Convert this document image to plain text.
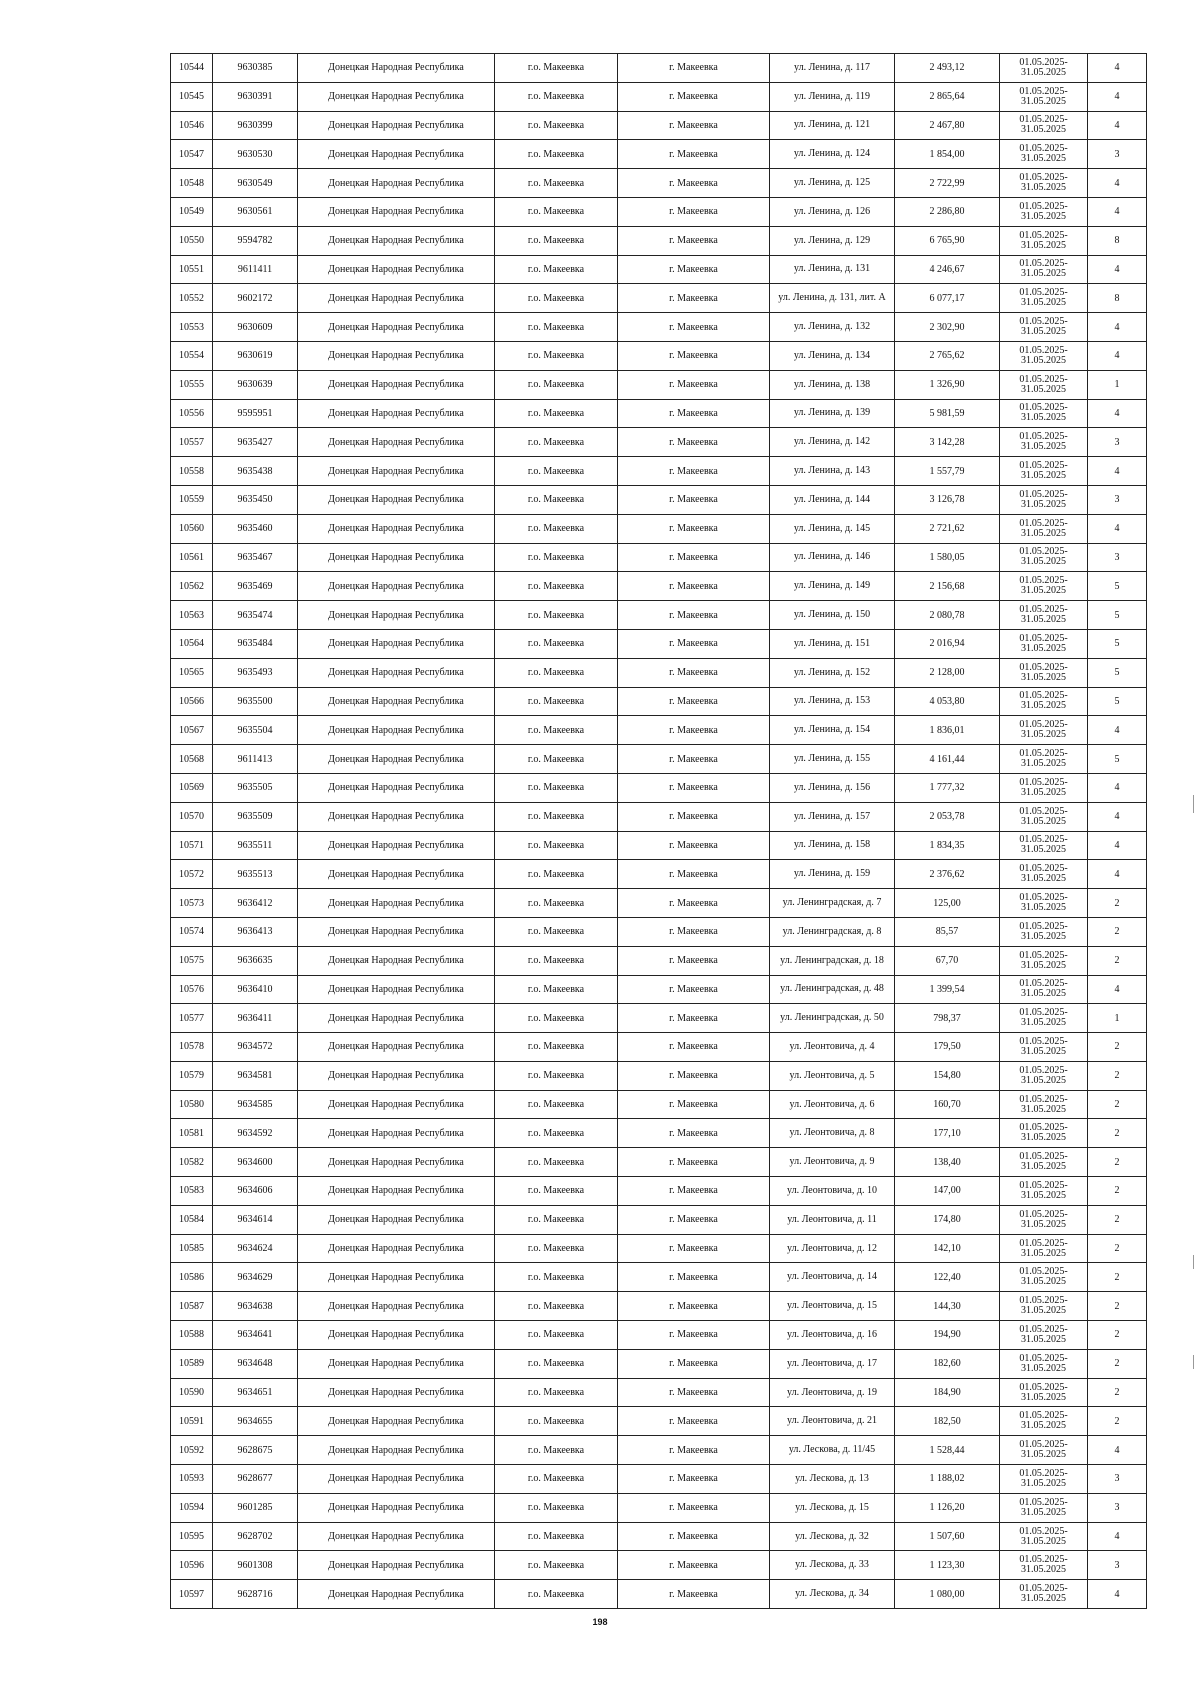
10544	9630385	Донецкая Народная Республика	г.о. Макеевка	г. Макеевка	ул. Ленина, д. 117	2 493,12	01.05.2025- 31.05.2025	4
10545	9630391	Донецкая Народная Республика	г.о. Макеевка	г. Макеевка	ул. Ленина, д. 119	2 865,64	01.05.2025- 31.05.2025	4
10546	9630399	Донецкая Народная Республика	г.о. Макеевка	г. Макеевка	ул. Ленина, д. 121	2 467,80	01.05.2025- 31.05.2025	4
10547	9630530	Донецкая Народная Республика	г.о. Макеевка	г. Макеевка	ул. Ленина, д. 124	1 854,00	01.05.2025- 31.05.2025	3
10548	9630549	Донецкая Народная Республика	г.о. Макеевка	г. Макеевка	ул. Ленина, д. 125	2 722,99	01.05.2025- 31.05.2025	4
10549	9630561	Донецкая Народная Республика	г.о. Макеевка	г. Макеевка	ул. Ленина, д. 126	2 286,80	01.05.2025- 31.05.2025	4
10550	9594782	Донецкая Народная Республика	г.о. Макеевка	г. Макеевка	ул. Ленина, д. 129	6 765,90	01.05.2025- 31.05.2025	8
10551	9611411	Донецкая Народная Республика	г.о. Макеевка	г. Макеевка	ул. Ленина, д. 131	4 246,67	01.05.2025- 31.05.2025	4
10552	9602172	Донецкая Народная Республика	г.о. Макеевка	г. Макеевка	ул. Ленина, д. 131, лит. А	6 077,17	01.05.2025- 31.05.2025	8
10553	9630609	Донецкая Народная Республика	г.о. Макеевка	г. Макеевка	ул. Ленина, д. 132	2 302,90	01.05.2025- 31.05.2025	4
10554	9630619	Донецкая Народная Республика	г.о. Макеевка	г. Макеевка	ул. Ленина, д. 134	2 765,62	01.05.2025- 31.05.2025	4
10555	9630639	Донецкая Народная Республика	г.о. Макеевка	г. Макеевка	ул. Ленина, д. 138	1 326,90	01.05.2025- 31.05.2025	1
10556	9595951	Донецкая Народная Республика	г.о. Макеевка	г. Макеевка	ул. Ленина, д. 139	5 981,59	01.05.2025- 31.05.2025	4
10557	9635427	Донецкая Народная Республика	г.о. Макеевка	г. Макеевка	ул. Ленина, д. 142	3 142,28	01.05.2025- 31.05.2025	3
10558	9635438	Донецкая Народная Республика	г.о. Макеевка	г. Макеевка	ул. Ленина, д. 143	1 557,79	01.05.2025- 31.05.2025	4
10559	9635450	Донецкая Народная Республика	г.о. Макеевка	г. Макеевка	ул. Ленина, д. 144	3 126,78	01.05.2025- 31.05.2025	3
10560	9635460	Донецкая Народная Республика	г.о. Макеевка	г. Макеевка	ул. Ленина, д. 145	2 721,62	01.05.2025- 31.05.2025	4
10561	9635467	Донецкая Народная Республика	г.о. Макеевка	г. Макеевка	ул. Ленина, д. 146	1 580,05	01.05.2025- 31.05.2025	3
10562	9635469	Донецкая Народная Республика	г.о. Макеевка	г. Макеевка	ул. Ленина, д. 149	2 156,68	01.05.2025- 31.05.2025	5
10563	9635474	Донецкая Народная Республика	г.о. Макеевка	г. Макеевка	ул. Ленина, д. 150	2 080,78	01.05.2025- 31.05.2025	5
10564	9635484	Донецкая Народная Республика	г.о. Макеевка	г. Макеевка	ул. Ленина, д. 151	2 016,94	01.05.2025- 31.05.2025	5
10565	9635493	Донецкая Народная Республика	г.о. Макеевка	г. Макеевка	ул. Ленина, д. 152	2 128,00	01.05.2025- 31.05.2025	5
10566	9635500	Донецкая Народная Республика	г.о. Макеевка	г. Макеевка	ул. Ленина, д. 153	4 053,80	01.05.2025- 31.05.2025	5
10567	9635504	Донецкая Народная Республика	г.о. Макеевка	г. Макеевка	ул. Ленина, д. 154	1 836,01	01.05.2025- 31.05.2025	4
10568	9611413	Донецкая Народная Республика	г.о. Макеевка	г. Макеевка	ул. Ленина, д. 155	4 161,44	01.05.2025- 31.05.2025	5
10569	9635505	Донецкая Народная Республика	г.о. Макеевка	г. Макеевка	ул. Ленина, д. 156	1 777,32	01.05.2025- 31.05.2025	4
10570	9635509	Донецкая Народная Республика	г.о. Макеевка	г. Макеевка	ул. Ленина, д. 157	2 053,78	01.05.2025- 31.05.2025	4
10571	9635511	Донецкая Народная Республика	г.о. Макеевка	г. Макеевка	ул. Ленина, д. 158	1 834,35	01.05.2025- 31.05.2025	4
10572	9635513	Донецкая Народная Республика	г.о. Макеевка	г. Макеевка	ул. Ленина, д. 159	2 376,62	01.05.2025- 31.05.2025	4
10573	9636412	Донецкая Народная Республика	г.о. Макеевка	г. Макеевка	ул. Ленинградская, д. 7	125,00	01.05.2025- 31.05.2025	2
10574	9636413	Донецкая Народная Республика	г.о. Макеевка	г. Макеевка	ул. Ленинградская, д. 8	85,57	01.05.2025- 31.05.2025	2
10575	9636635	Донецкая Народная Республика	г.о. Макеевка	г. Макеевка	ул. Ленинградская, д. 18	67,70	01.05.2025- 31.05.2025	2
10576	9636410	Донецкая Народная Республика	г.о. Макеевка	г. Макеевка	ул. Ленинградская, д. 48	1 399,54	01.05.2025- 31.05.2025	4
10577	9636411	Донецкая Народная Республика	г.о. Макеевка	г. Макеевка	ул. Ленинградская, д. 50	798,37	01.05.2025- 31.05.2025	1
10578	9634572	Донецкая Народная Республика	г.о. Макеевка	г. Макеевка	ул. Леонтовича, д. 4	179,50	01.05.2025- 31.05.2025	2
10579	9634581	Донецкая Народная Республика	г.о. Макеевка	г. Макеевка	ул. Леонтовича, д. 5	154,80	01.05.2025- 31.05.2025	2
10580	9634585	Донецкая Народная Республика	г.о. Макеевка	г. Макеевка	ул. Леонтовича, д. 6	160,70	01.05.2025- 31.05.2025	2
10581	9634592	Донецкая Народная Республика	г.о. Макеевка	г. Макеевка	ул. Леонтовича, д. 8	177,10	01.05.2025- 31.05.2025	2
10582	9634600	Донецкая Народная Республика	г.о. Макеевка	г. Макеевка	ул. Леонтовича, д. 9	138,40	01.05.2025- 31.05.2025	2
10583	9634606	Донецкая Народная Республика	г.о. Макеевка	г. Макеевка	ул. Леонтовича, д. 10	147,00	01.05.2025- 31.05.2025	2
10584	9634614	Донецкая Народная Республика	г.о. Макеевка	г. Макеевка	ул. Леонтовича, д. 11	174,80	01.05.2025- 31.05.2025	2
10585	9634624	Донецкая Народная Республика	г.о. Макеевка	г. Макеевка	ул. Леонтовича, д. 12	142,10	01.05.2025- 31.05.2025	2
10586	9634629	Донецкая Народная Республика	г.о. Макеевка	г. Макеевка	ул. Леонтовича, д. 14	122,40	01.05.2025- 31.05.2025	2
10587	9634638	Донецкая Народная Республика	г.о. Макеевка	г. Макеевка	ул. Леонтовича, д. 15	144,30	01.05.2025- 31.05.2025	2
10588	9634641	Донецкая Народная Республика	г.о. Макеевка	г. Макеевка	ул. Леонтовича, д. 16	194,90	01.05.2025- 31.05.2025	2
10589	9634648	Донецкая Народная Республика	г.о. Макеевка	г. Макеевка	ул. Леонтовича, д. 17	182,60	01.05.2025- 31.05.2025	2
10590	9634651	Донецкая Народная Республика	г.о. Макеевка	г. Макеевка	ул. Леонтовича, д. 19	184,90	01.05.2025- 31.05.2025	2
10591	9634655	Донецкая Народная Республика	г.о. Макеевка	г. Макеевка	ул. Леонтовича, д. 21	182,50	01.05.2025- 31.05.2025	2
10592	9628675	Донецкая Народная Республика	г.о. Макеевка	г. Макеевка	ул. Лескова, д. 11/45	1 528,44	01.05.2025- 31.05.2025	4
10593	9628677	Донецкая Народная Республика	г.о. Макеевка	г. Макеевка	ул. Лескова, д. 13	1 188,02	01.05.2025- 31.05.2025	3
10594	9601285	Донецкая Народная Республика	г.о. Макеевка	г. Макеевка	ул. Лескова, д. 15	1 126,20	01.05.2025- 31.05.2025	3
10595	9628702	Донецкая Народная Республика	г.о. Макеевка	г. Макеевка	ул. Лескова, д. 32	1 507,60	01.05.2025- 31.05.2025	4
10596	9601308	Донецкая Народная Республика	г.о. Макеевка	г. Макеевка	ул. Лескова, д. 33	1 123,30	01.05.2025- 31.05.2025	3
10597	9628716	Донецкая Народная Республика	г.о. Макеевка	г. Макеевка	ул. Лескова, д. 34	1 080,00	01.05.2025- 31.05.2025	4
198
